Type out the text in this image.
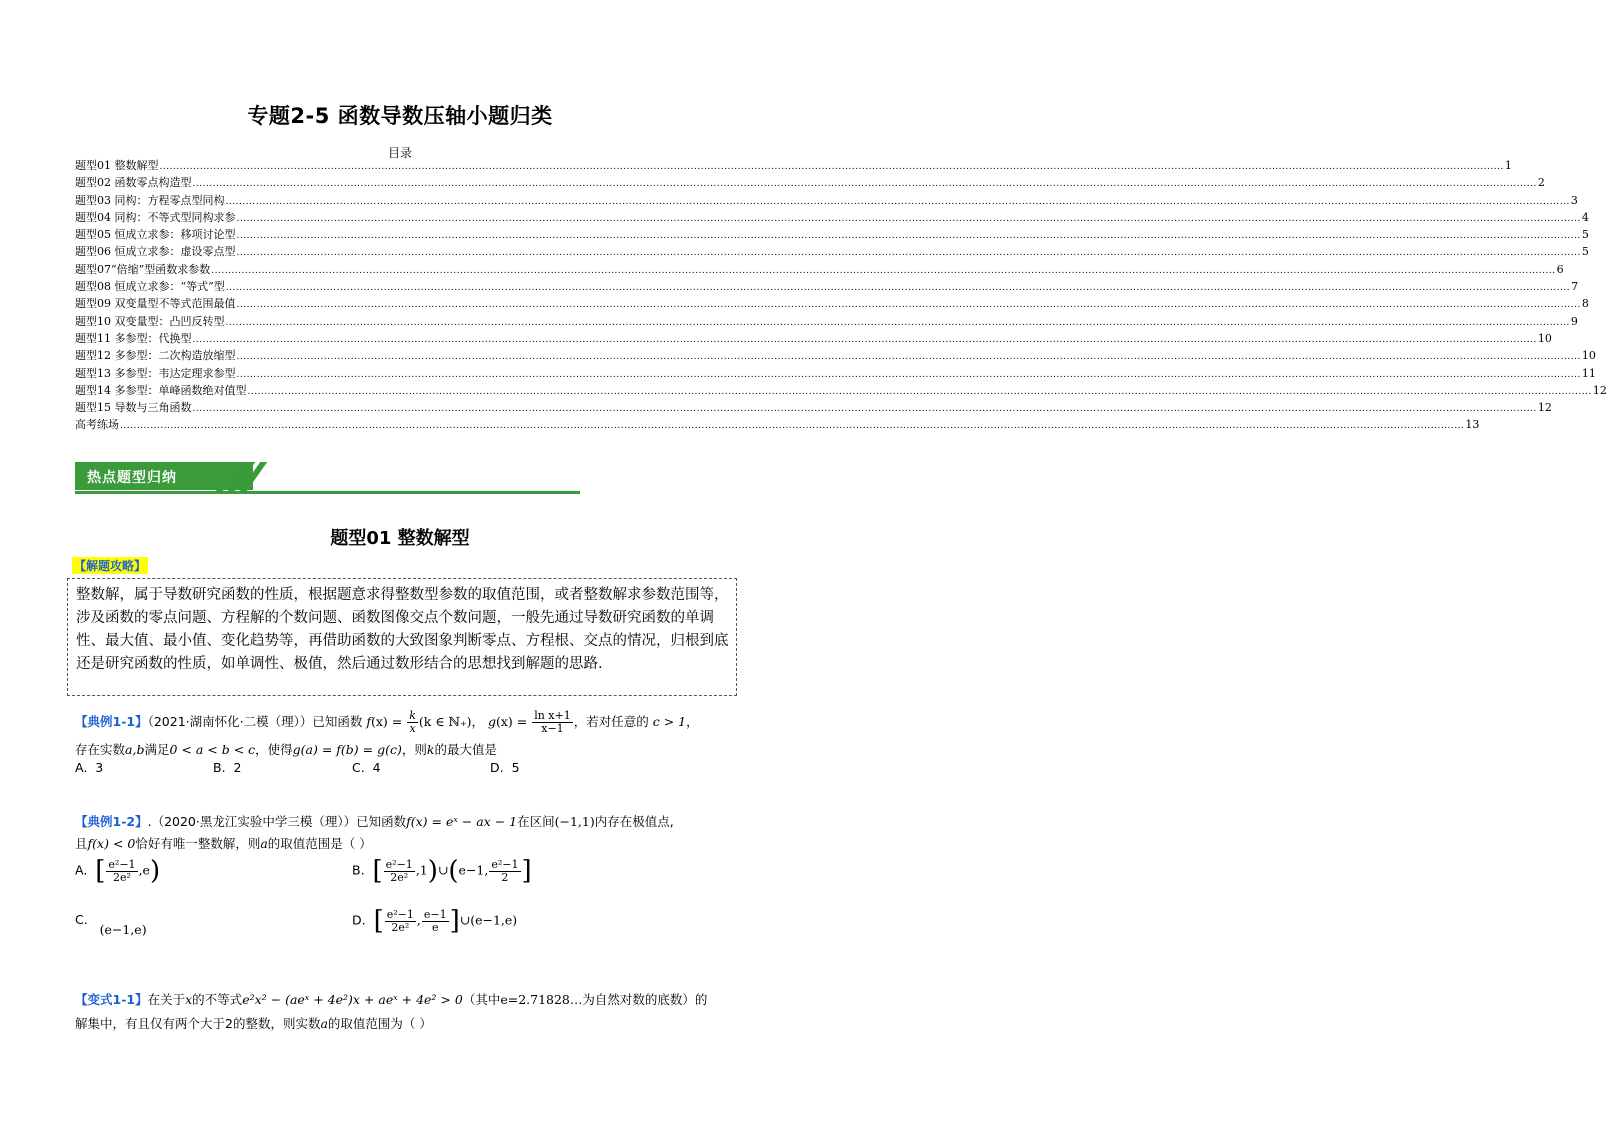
专题2-5 函数导数压轴小题归类
目录
题型01 整数解型 ................................................................................................................................................................................................................................................................................................................................................................................................................ 1
题型02 函数零点构造型 ................................................................................................................................................................................................................................................................................................................................................................................................................ 2
题型03 同构：方程零点型同构 ................................................................................................................................................................................................................................................................................................................................................................................................................ 3
题型04 同构：不等式型同构求参 ................................................................................................................................................................................................................................................................................................................................................................................................................ 4
题型05 恒成立求参：移项讨论型 ................................................................................................................................................................................................................................................................................................................................................................................................................ 5
题型06 恒成立求参：虚设零点型 ................................................................................................................................................................................................................................................................................................................................................................................................................ 5
题型07“倍缩”型函数求参数 ................................................................................................................................................................................................................................................................................................................................................................................................................ 6
题型08 恒成立求参：“等式”型 ................................................................................................................................................................................................................................................................................................................................................................................................................ 7
题型09 双变量型不等式范围最值 ................................................................................................................................................................................................................................................................................................................................................................................................................ 8
题型10 双变量型：凸凹反转型 ................................................................................................................................................................................................................................................................................................................................................................................................................ 9
题型11 多参型：代换型 ................................................................................................................................................................................................................................................................................................................................................................................................................ 10
题型12 多参型：二次构造放缩型 ................................................................................................................................................................................................................................................................................................................................................................................................................ 10
题型13 多参型：韦达定理求参型 ................................................................................................................................................................................................................................................................................................................................................................................................................ 11
题型14 多参型：单峰函数绝对值型 ................................................................................................................................................................................................................................................................................................................................................................................................................ 12
题型15 导数与三角函数 ................................................................................................................................................................................................................................................................................................................................................................................................................ 12
高考练场 ................................................................................................................................................................................................................................................................................................................................................................................................................ 13
热点题型归纳
题型01 整数解型
【解题攻略】
整数解，属于导数研究函数的性质，根据题意求得整数型参数的取值范围，或者整数解求参数范围等，涉及函数的零点问题、方程解的个数问题、函数图像交点个数问题，一般先通过导数研究函数的单调性、最大值、最小值、变化趋势等，再借助函数的大致图象判断零点、方程根、交点的情况，归根到底还是研究函数的性质，如单调性、极值，然后通过数形结合的思想找到解题的思路.
【典例1-1】（2021·湖南怀化·二模（理））已知函数 $f(x) = \frac{k}{x} (k$ ∈ ℕ₊)， $g(x) = \frac{\text{ln x+1}}{x-1}$ ，若对任意的 c > 1，
存在实数a,b满足0 < a < b < c，使得g(a) = f(b) = g(c)，则k的最大值是
A. 3	B. 2	C. 4	D. 5
【典例1-2】.（2020·黑龙江实验中学三模（理））已知函数f(x) = eˣ − ax − 1在区间(−1,1)内存在极值点,
且f(x) < 0恰好有唯一整数解，则a的取值范围是（ ）
A. [ $\frac{\text{e²−1}}{\text{2e²}} ,e$)	B. [ $\frac{\text{e²−1}}{\text{2e²}}$ ,1)∪(e−1, $\frac{\text{e²−1}}{2}$ ]
C.   (e−1,e)
D. [ $\frac{\text{e²−1}}{\text{2e²}}$ , $\frac{e-1}{e}$ ]∪(e−1,e)
【变式1-1】在关于x的不等式e²x² − (aeˣ + 4e²)x + aeˣ + 4e² > 0（其中e=2.71828…为自然对数的底数）的
解集中，有且仅有两个大于2的整数，则实数a的取值范围为（ ）
